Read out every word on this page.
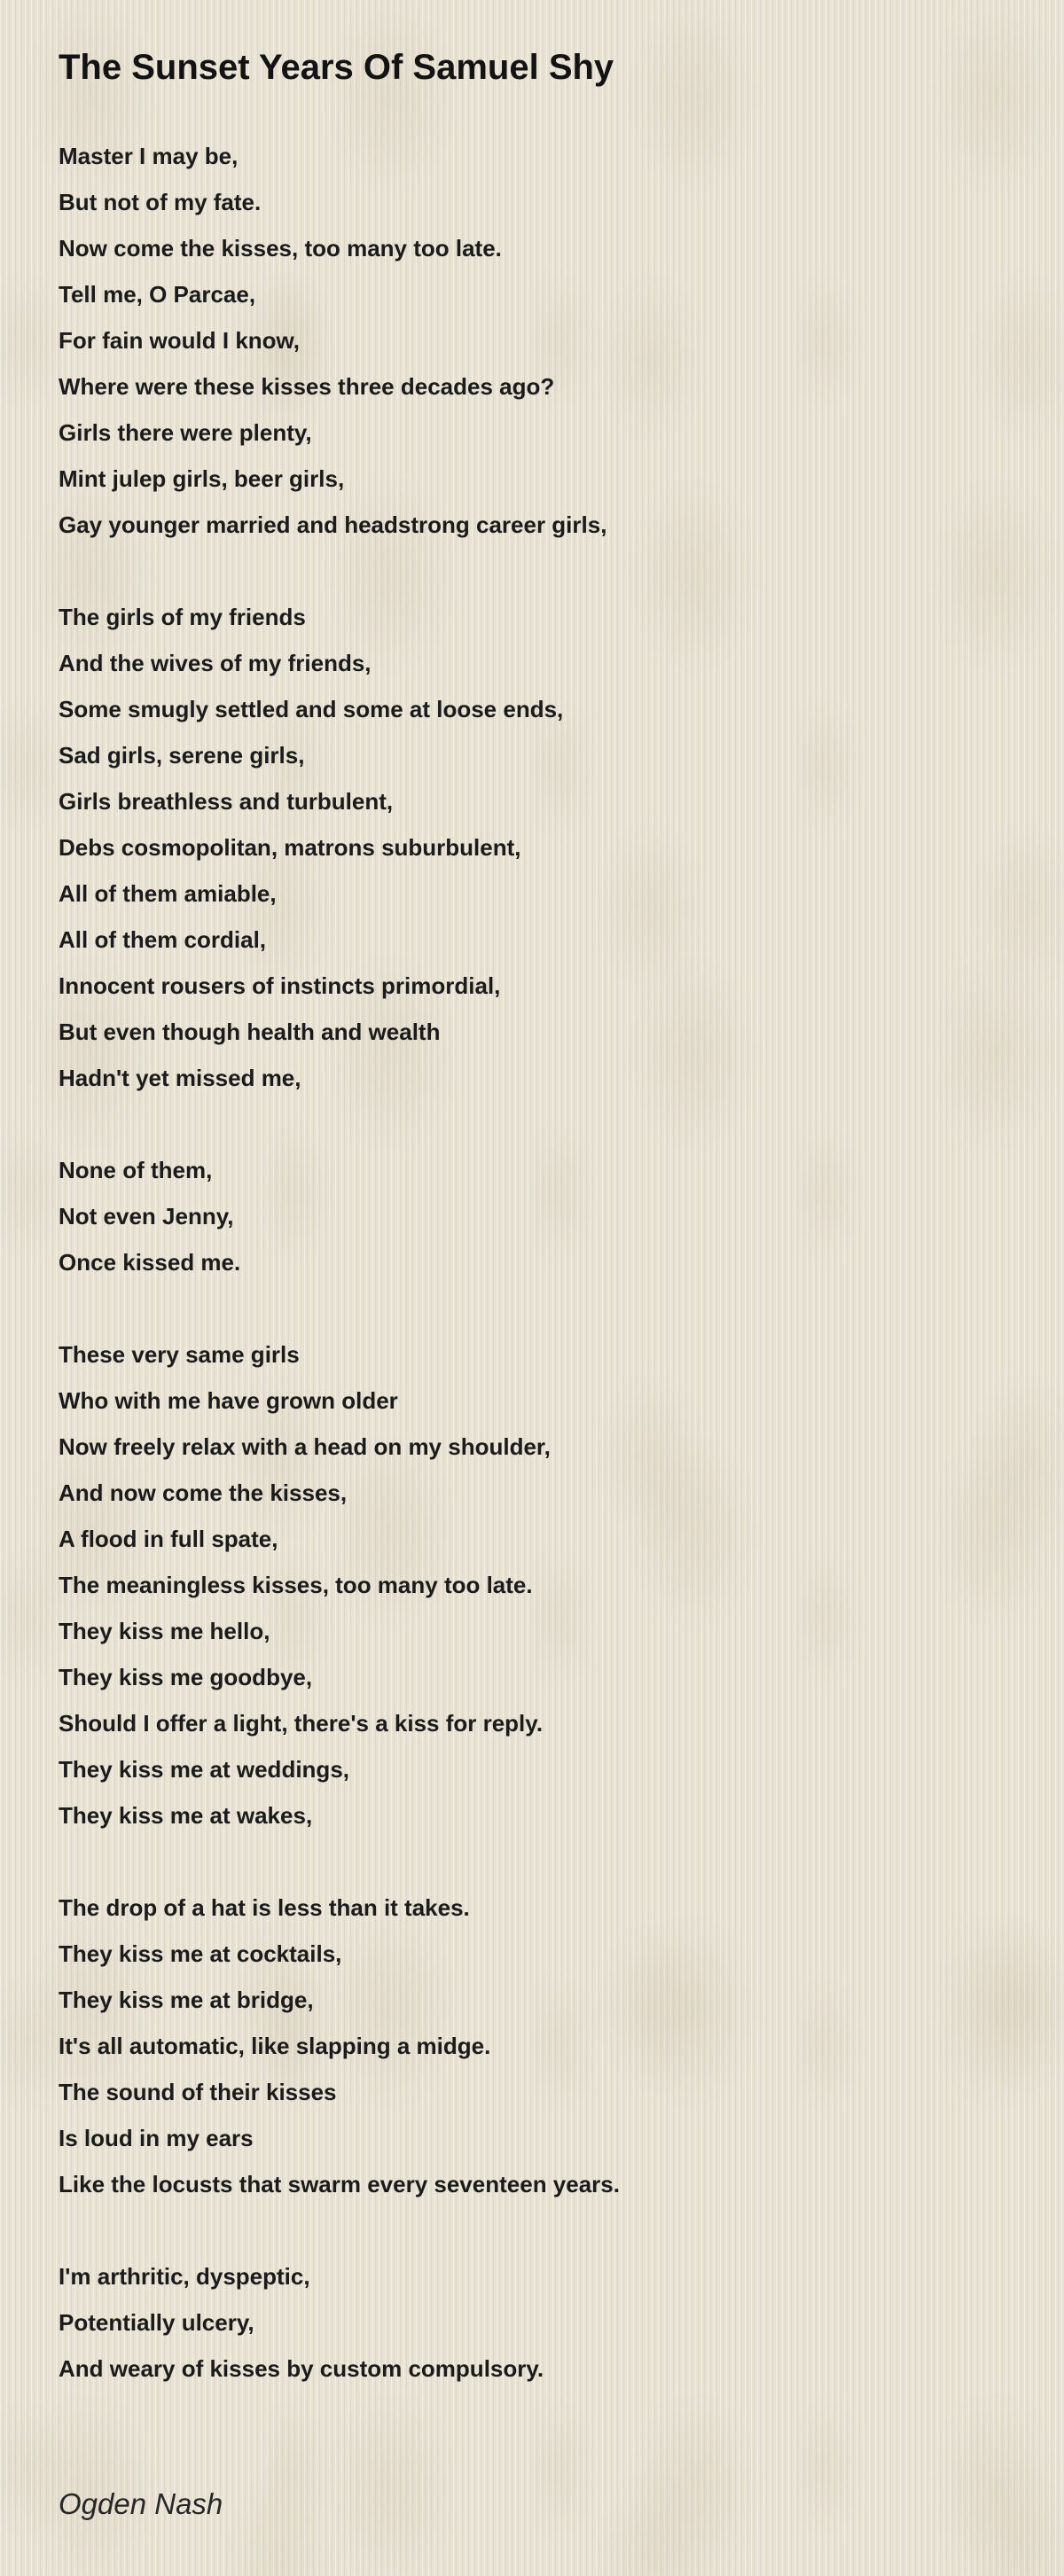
The Sunset Years Of Samuel Shy

Master I may be,

But not of my fate.

Now come the kisses, too many too late.

Tell me, O Parcae,

For fain would I know,

Where were these kisses three decades ago?

Girls there were plenty,

Mint julep girls, beer girls,

Gay younger married and headstrong career girls,

The girls of my friends

And the wives of my friends,

Some smugly settled and some at loose ends,

Sad girls, serene girls,

Girls breathless and turbulent,

Debs cosmopolitan, matrons suburbulent,

All of them amiable,

All of them cordial,

Innocent rousers of instincts primordial,

But even though health and wealth

Hadn't yet missed me,

None of them,

Not even Jenny,

Once kissed me.

These very same girls

Who with me have grown older

Now freely relax with a head on my shoulder,

And now come the kisses,

A flood in full spate,

The meaningless kisses, too many too late.

They kiss me hello,

They kiss me goodbye,

Should I offer a light, there's a kiss for reply.

They kiss me at weddings,

They kiss me at wakes,

The drop of a hat is less than it takes.

They kiss me at cocktails,

They kiss me at bridge,

It's all automatic, like slapping a midge.

The sound of their kisses

Is loud in my ears

Like the locusts that swarm every seventeen years.

I'm arthritic, dyspeptic,

Potentially ulcery,

And weary of kisses by custom compulsory.

Ogden Nash
